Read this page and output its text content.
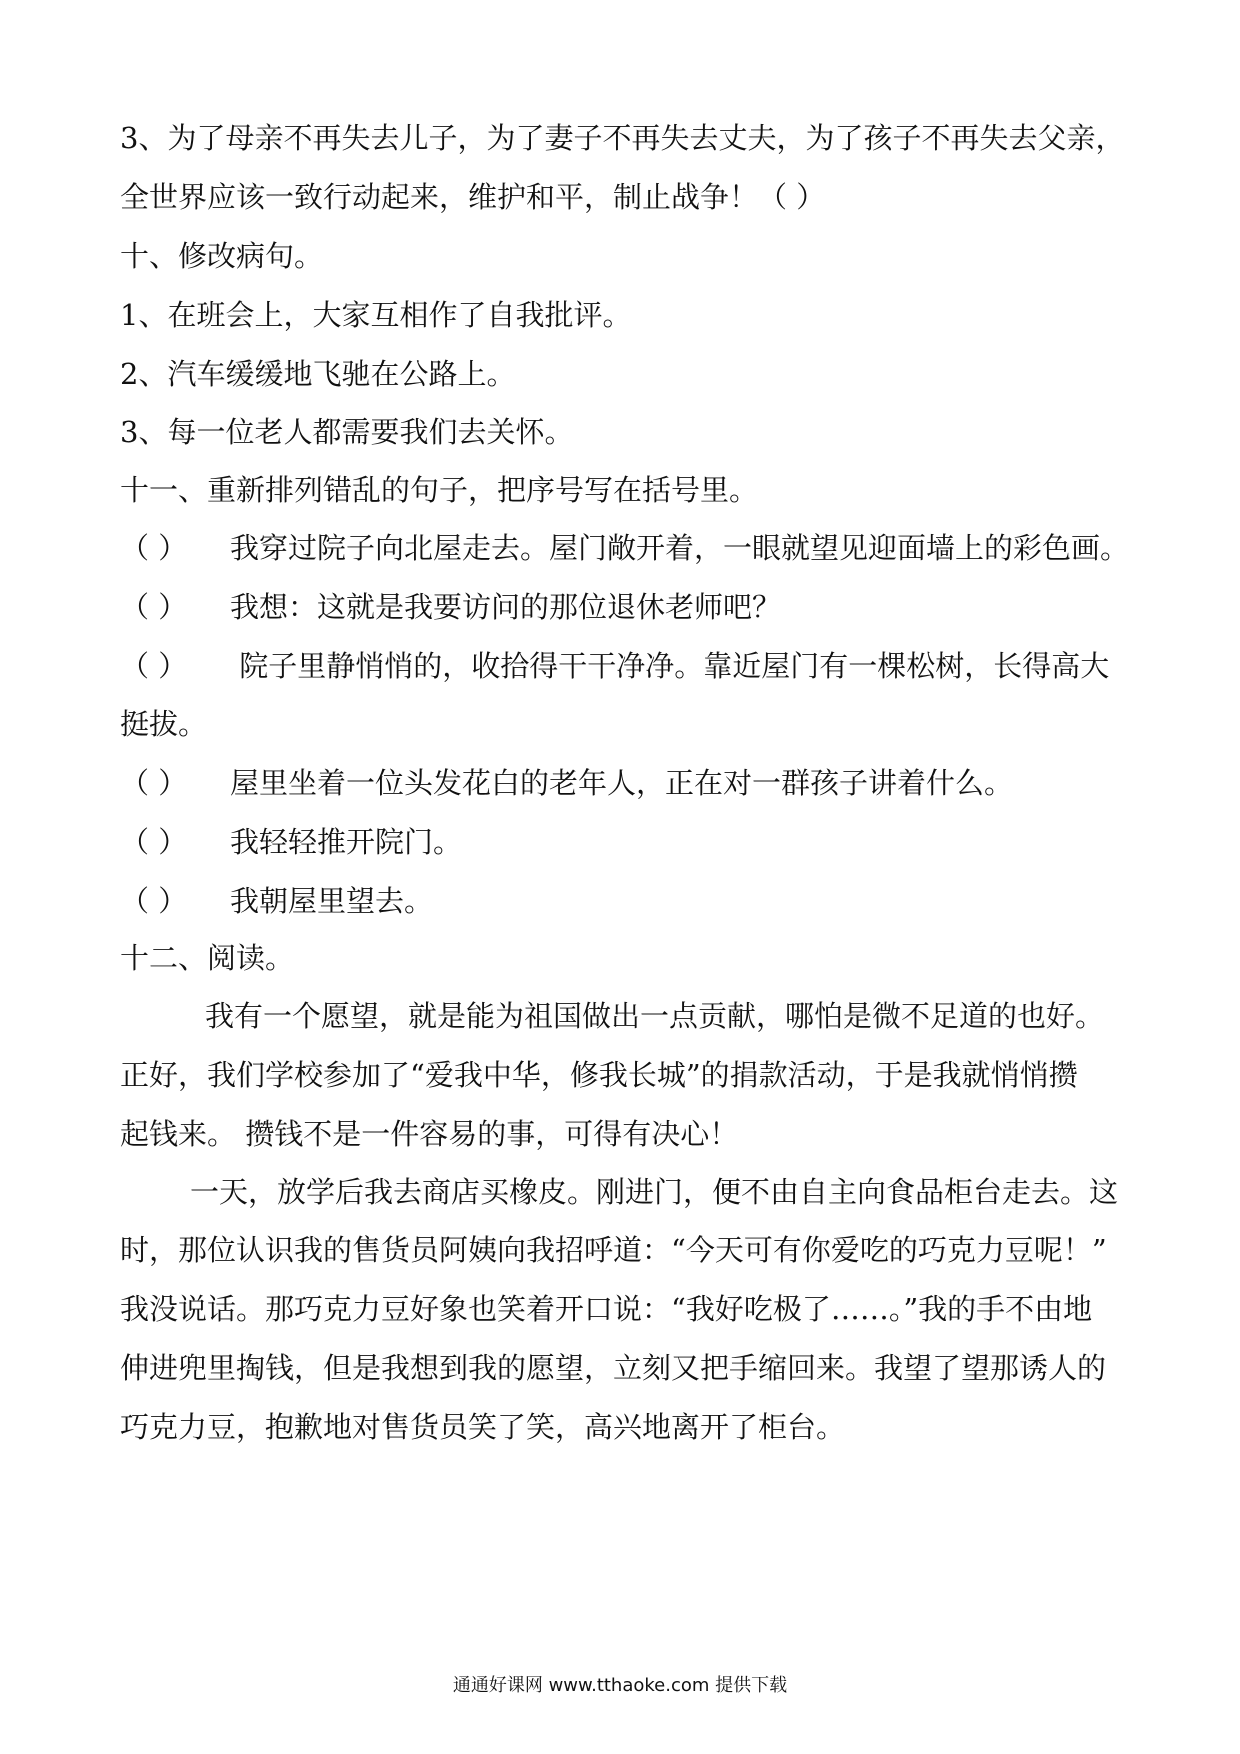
3、为了母亲不再失去儿子，为了妻子不再失去丈夫，为了孩子不再失去父亲，
全世界应该一致行动起来，维护和平，制止战争！（ ）
十、修改病句。
1、在班会上，大家互相作了自我批评。
2、汽车缓缓地飞驰在公路上。
3、每一位老人都需要我们去关怀。
十一、重新排列错乱的句子，把序号写在括号里。
（ ） 我穿过院子向北屋走去。屋门敞开着，一眼就望见迎面墙上的彩色画。
（ ） 我想：这就是我要访问的那位退休老师吧？
（ ） 院子里静悄悄的，收拾得干干净净。靠近屋门有一棵松树，长得高大
挺拔。
（ ） 屋里坐着一位头发花白的老年人，正在对一群孩子讲着什么。
（ ） 我轻轻推开院门。
（ ） 我朝屋里望去。
十二、阅读。
我有一个愿望，就是能为祖国做出一点贡献，哪怕是微不足道的也好。
正好，我们学校参加了“爱我中华，修我长城”的捐款活动，于是我就悄悄攒
起钱来。 攒钱不是一件容易的事，可得有决心！
一天，放学后我去商店买橡皮。刚进门，便不由自主向食品柜台走去。这
时，那位认识我的售货员阿姨向我招呼道：“今天可有你爱吃的巧克力豆呢！”
我没说话。那巧克力豆好象也笑着开口说：“我好吃极了……。”我的手不由地
伸进兜里掏钱，但是我想到我的愿望，立刻又把手缩回来。我望了望那诱人的
巧克力豆，抱歉地对售货员笑了笑，高兴地离开了柜台。
通通好课网 www.tthaoke.com 提供下载
